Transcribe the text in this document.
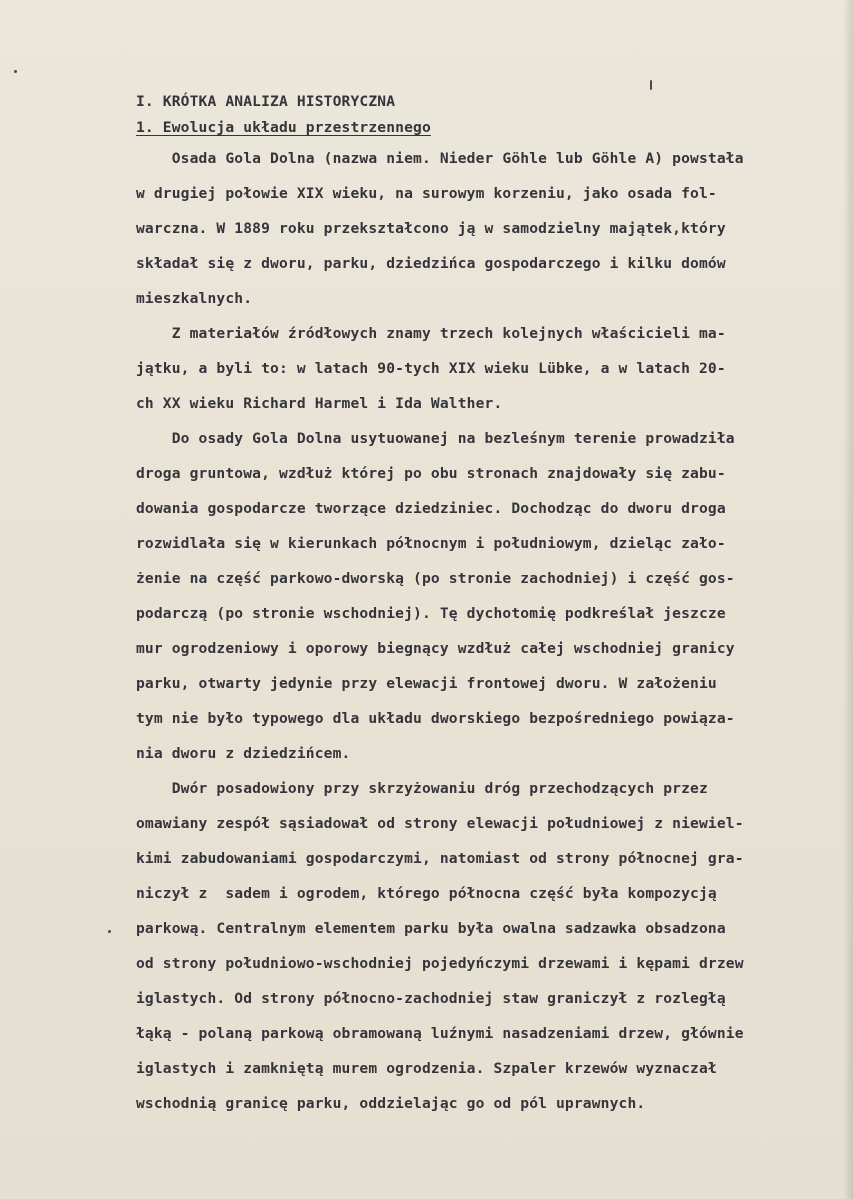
I. KRÓTKA ANALIZA HISTORYCZNA
1. Ewolucja układu przestrzennego
Osada Gola Dolna (nazwa niem. Nieder Göhle lub Göhle A) powstała
w drugiej połowie XIX wieku, na surowym korzeniu, jako osada fol-
warczna. W 1889 roku przekształcono ją w samodzielny majątek,który
składał się z dworu, parku, dziedzińca gospodarczego i kilku domów
mieszkalnych.
Z materiałów źródłowych znamy trzech kolejnych właścicieli ma-
jątku, a byli to: w latach 90-tych XIX wieku Lübke, a w latach 20-
ch XX wieku Richard Harmel i Ida Walther.
Do osady Gola Dolna usytuowanej na bezleśnym terenie prowadziła
droga gruntowa, wzdłuż której po obu stronach znajdowały się zabu-
dowania gospodarcze tworzące dziedziniec. Dochodząc do dworu droga
rozwidlała się w kierunkach północnym i południowym, dzieląc zało-
żenie na część parkowo-dworską (po stronie zachodniej) i część gos-
podarczą (po stronie wschodniej). Tę dychotomię podkreślał jeszcze
mur ogrodzeniowy i oporowy biegnący wzdłuż całej wschodniej granicy
parku, otwarty jedynie przy elewacji frontowej dworu. W założeniu
tym nie było typowego dla układu dworskiego bezpośredniego powiąza-
nia dworu z dziedzińcem.
Dwór posadowiony przy skrzyżowaniu dróg przechodzących przez
omawiany zespół sąsiadował od strony elewacji południowej z niewiel-
kimi zabudowaniami gospodarczymi, natomiast od strony północnej gra-
niczył z  sadem i ogrodem, którego północna część była kompozycją
parkową. Centralnym elementem parku była owalna sadzawka obsadzona
od strony południowo-wschodniej pojedyńczymi drzewami i kępami drzew
iglastych. Od strony północno-zachodniej staw graniczył z rozległą
łąką - polaną parkową obramowaną luźnymi nasadzeniami drzew, głównie
iglastych i zamkniętą murem ogrodzenia. Szpaler krzewów wyznaczał
wschodnią granicę parku, oddzielając go od pól uprawnych.
